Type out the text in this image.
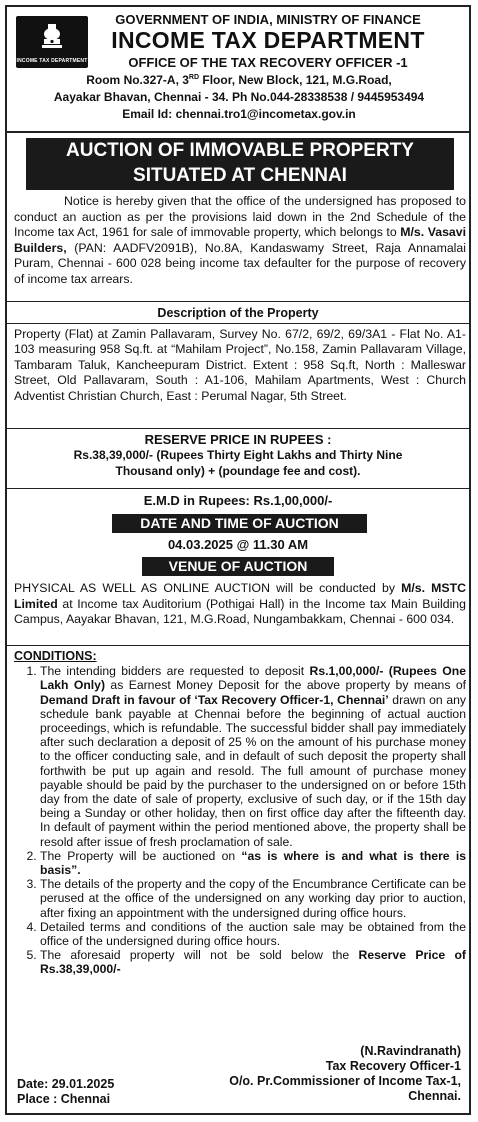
INCOME TAX DEPARTMENT
GOVERNMENT OF INDIA, MINISTRY OF FINANCE
INCOME TAX DEPARTMENT
OFFICE OF THE TAX RECOVERY OFFICER -1
Room No.327-A, 3RD Floor, New Block, 121, M.G.Road,
Aayakar Bhavan, Chennai - 34. Ph No.044-28338538 / 9445953494
Email Id: chennai.tro1@incometax.gov.in
AUCTION OF IMMOVABLE PROPERTY
SITUATED AT CHENNAI
Notice is hereby given that the office of the undersigned has proposed to conduct an auction as per the provisions laid down in the 2nd Schedule of the Income tax Act, 1961 for sale of immovable property, which belongs to M/s. Vasavi Builders, (PAN: AADFV2091B), No.8A, Kandaswamy Street, Raja Annamalai Puram, Chennai - 600 028 being income tax defaulter for the purpose of recovery of income tax arrears.
Description of the Property
Property (Flat) at Zamin Pallavaram, Survey No. 67/2, 69/2, 69/3A1 - Flat No. A1-103 measuring 958 Sq.ft. at “Mahilam Project”, No.158, Zamin Pallavaram Village, Tambaram Taluk, Kancheepuram District. Extent : 958 Sq.ft, North : Malleswar Street, Old Pallavaram, South : A1-106, Mahilam Apartments, West : Church Adventist Christian Church, East : Perumal Nagar, 5th Street.
RESERVE PRICE IN RUPEES :
Rs.38,39,000/- (Rupees Thirty Eight Lakhs and Thirty Nine
Thousand only) + (poundage fee and cost).
E.M.D in Rupees: Rs.1,00,000/-
DATE AND TIME OF AUCTION
04.03.2025 @ 11.30 AM
VENUE OF AUCTION
PHYSICAL AS WELL AS ONLINE AUCTION will be conducted by M/s. MSTC Limited at Income tax Auditorium (Pothigai Hall) in the Income tax Main Building Campus, Aayakar Bhavan, 121, M.G.Road, Nungambakkam, Chennai - 600 034.
CONDITIONS:
1. The intending bidders are requested to deposit Rs.1,00,000/- (Rupees One Lakh Only) as Earnest Money Deposit for the above property by means of Demand Draft in favour of ‘Tax Recovery Officer-1, Chennai’ drawn on any schedule bank payable at Chennai before the beginning of actual auction proceedings, which is refundable. The successful bidder shall pay immediately after such declaration a deposit of 25 % on the amount of his purchase money to the officer conducting sale, and in default of such deposit the property shall forthwith be put up again and resold. The full amount of purchase money payable should be paid by the purchaser to the undersigned on or before 15th day from the date of sale of property, exclusive of such day, or if the 15th day being a Sunday or other holiday, then on first office day after the fifteenth day. In default of payment within the period mentioned above, the property shall be resold after issue of fresh proclamation of sale.
2. The Property will be auctioned on “as is where is and what is there is basis”.
3. The details of the property and the copy of the Encumbrance Certificate can be perused at the office of the undersigned on any working day prior to auction, after fixing an appointment with the undersigned during office hours.
4. Detailed terms and conditions of the auction sale may be obtained from the office of the undersigned during office hours.
5. The aforesaid property will not be sold below the Reserve Price of Rs.38,39,000/-
(N.Ravindranath)
Tax Recovery Officer-1
O/o. Pr.Commissioner of Income Tax-1,
Chennai.
Date: 29.01.2025
Place : Chennai
